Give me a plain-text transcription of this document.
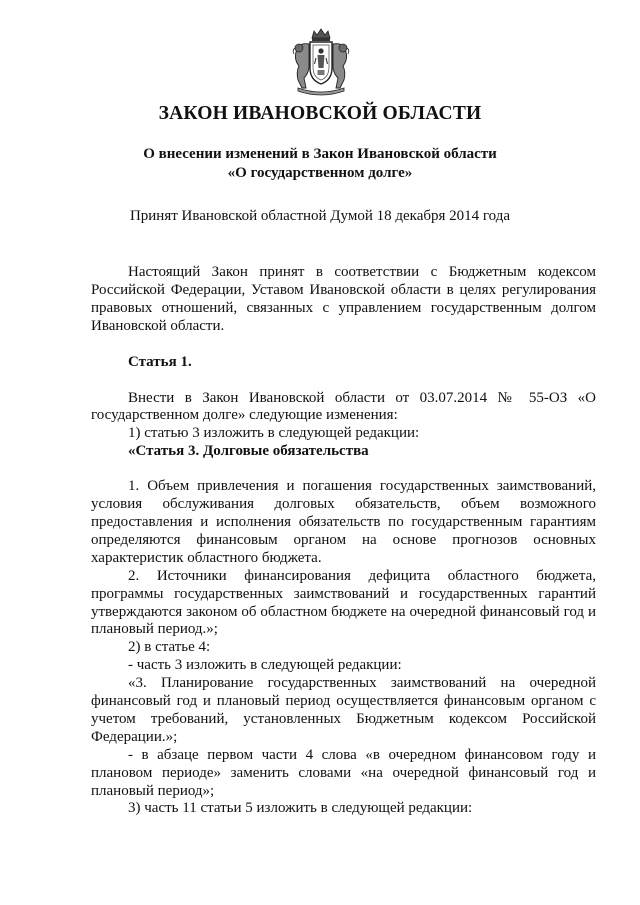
ЗАКОН ИВАНОВСКОЙ ОБЛАСТИ
О внесении изменений в Закон Ивановской области
«О государственном долге»
Принят Ивановской областной Думой 18 декабря 2014 года

Настоящий Закон принят в соответствии с Бюджетным кодексом Российской Федерации, Уставом Ивановской области в целях регулирования правовых отношений, связанных с управлением государственным долгом Ивановской области.

Статья 1.

Внести в Закон Ивановской области от 03.07.2014 № 55-ОЗ «О государственном долге» следующие изменения:

1) статью 3 изложить в следующей редакции:

«Статья 3. Долговые обязательства

1. Объем привлечения и погашения государственных заимствований, условия обслуживания долговых обязательств, объем возможного предоставления и исполнения обязательств по государственным гарантиям определяются финансовым органом на основе прогнозов основных характеристик областного бюджета.

2. Источники финансирования дефицита областного бюджета, программы государственных заимствований и государственных гарантий утверждаются законом об областном бюджете на очередной финансовый год и плановый период.»;

2) в статье 4:

- часть 3 изложить в следующей редакции:

«3. Планирование государственных заимствований на очередной финансовый год и плановый период осуществляется финансовым органом с учетом требований, установленных Бюджетным кодексом Российской Федерации.»;

- в абзаце первом части 4 слова «в очередном финансовом году и плановом периоде» заменить словами «на очередной финансовый год и плановый период»;

3) часть 11 статьи 5 изложить в следующей редакции:
